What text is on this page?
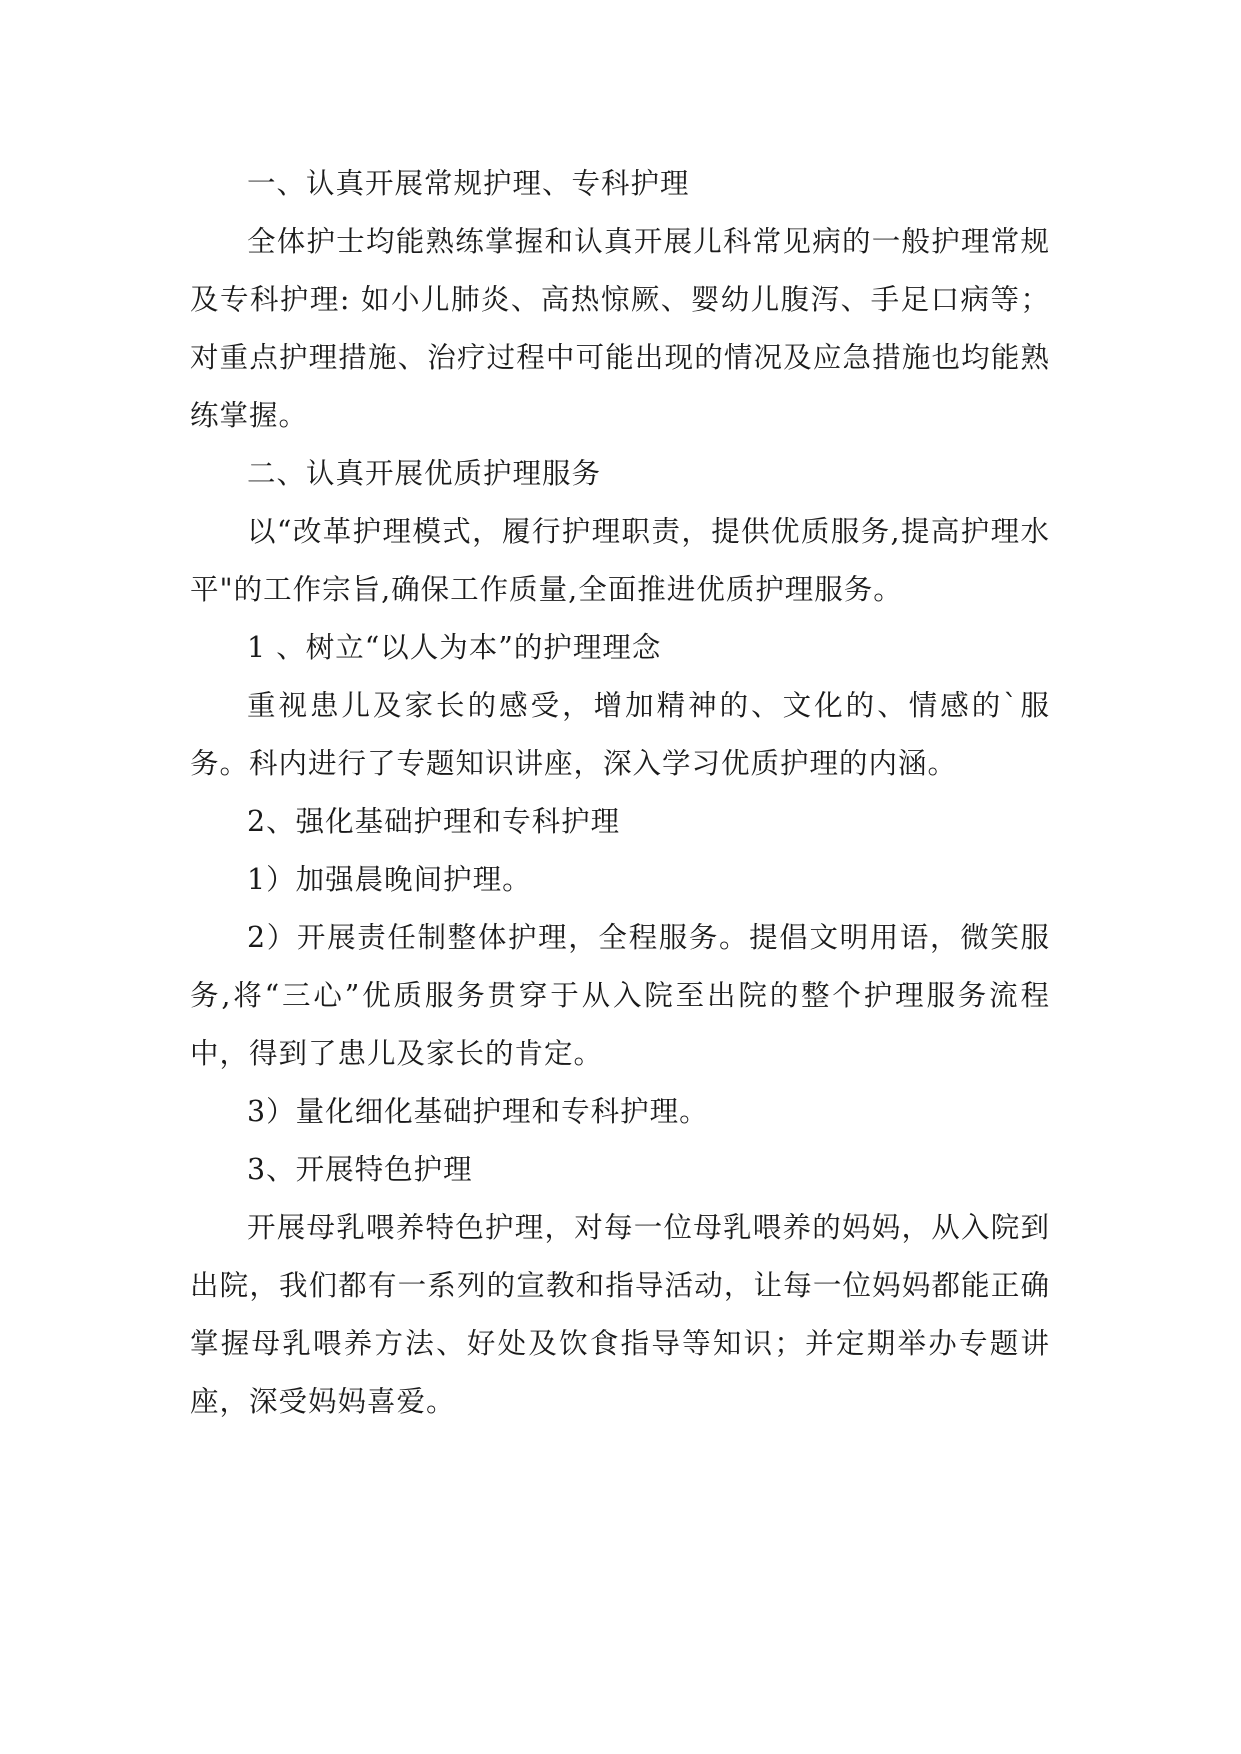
一、认真开展常规护理、专科护理

全体护士均能熟练掌握和认真开展儿科常见病的一般护理常规及专科护理: 如小儿肺炎、高热惊厥、婴幼儿腹泻、手足口病等；对重点护理措施、治疗过程中可能出现的情况及应急措施也均能熟练掌握。

二、认真开展优质护理服务

以“改革护理模式，履行护理职责，提供优质服务,提高护理水平"的工作宗旨,确保工作质量,全面推进优质护理服务。

1 、树立“以人为本”的护理理念

重视患儿及家长的感受，增加精神的、文化的、情感的`服务。科内进行了专题知识讲座，深入学习优质护理的内涵。

2、强化基础护理和专科护理

1）加强晨晚间护理。

2）开展责任制整体护理，全程服务。提倡文明用语，微笑服务,将“三心”优质服务贯穿于从入院至出院的整个护理服务流程中，得到了患儿及家长的肯定。

3）量化细化基础护理和专科护理。

3、开展特色护理

开展母乳喂养特色护理，对每一位母乳喂养的妈妈，从入院到出院，我们都有一系列的宣教和指导活动，让每一位妈妈都能正确掌握母乳喂养方法、好处及饮食指导等知识；并定期举办专题讲座，深受妈妈喜爱。
